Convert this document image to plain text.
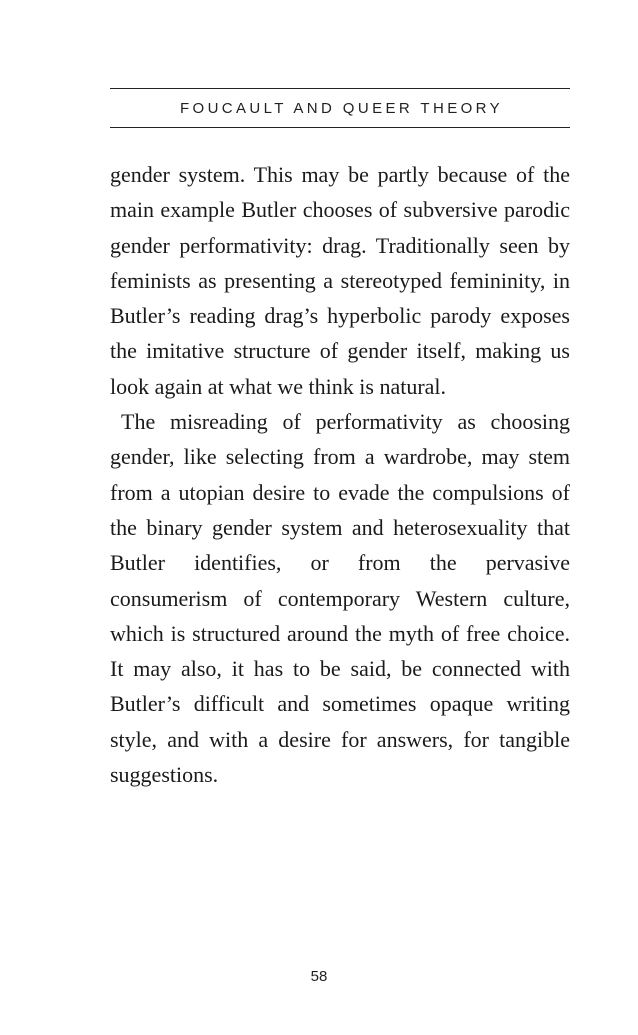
FOUCAULT AND QUEER THEORY

gender system. This may be partly because of the main example Butler chooses of subversive parodic gender performativity: drag. Traditionally seen by feminists as presenting a stereotyped femininity, in Butler’s reading drag’s hyperbolic parody exposes the imitative structure of gender itself, making us look again at what we think is natural.

The misreading of performativity as choosing gender, like selecting from a wardrobe, may stem from a utopian desire to evade the compulsions of the binary gender system and heterosexuality that Butler identifies, or from the pervasive consumerism of contemporary Western culture, which is structured around the myth of free choice. It may also, it has to be said, be connected with Butler’s difficult and sometimes opaque writing style, and with a desire for answers, for tangible suggestions.

58
